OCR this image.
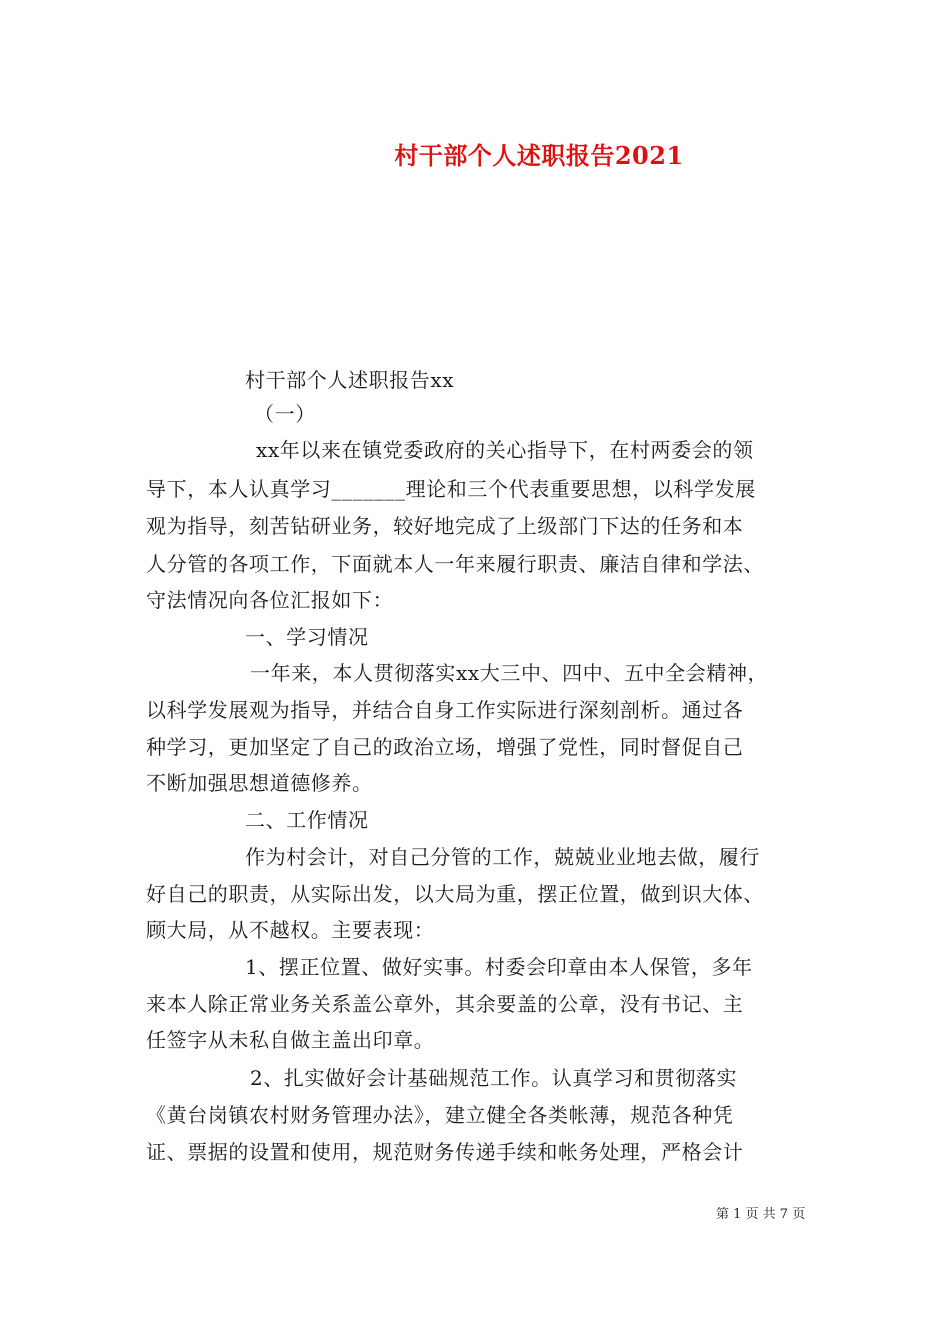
村干部个人述职报告2021
村干部个人述职报告xx
（一）
xx年以来在镇党委政府的关心指导下，在村两委会的领
导下，本人认真学习_______理论和三个代表重要思想，以科学发展
观为指导，刻苦钻研业务，较好地完成了上级部门下达的任务和本
人分管的各项工作，下面就本人一年来履行职责、廉洁自律和学法、
守法情况向各位汇报如下：
一、学习情况
一年来，本人贯彻落实xx大三中、四中、五中全会精神，
以科学发展观为指导，并结合自身工作实际进行深刻剖析。通过各
种学习，更加坚定了自己的政治立场，增强了党性，同时督促自己
不断加强思想道德修养。
二、工作情况
作为村会计，对自己分管的工作，兢兢业业地去做，履行
好自己的职责，从实际出发，以大局为重，摆正位置，做到识大体、
顾大局，从不越权。主要表现：
1、摆正位置、做好实事。村委会印章由本人保管，多年
来本人除正常业务关系盖公章外，其余要盖的公章，没有书记、主
任签字从未私自做主盖出印章。
2、扎实做好会计基础规范工作。认真学习和贯彻落实
《黄台岗镇农村财务管理办法》，建立健全各类帐薄，规范各种凭
证、票据的设置和使用，规范财务传递手续和帐务处理，严格会计
第 1 页 共 7 页
